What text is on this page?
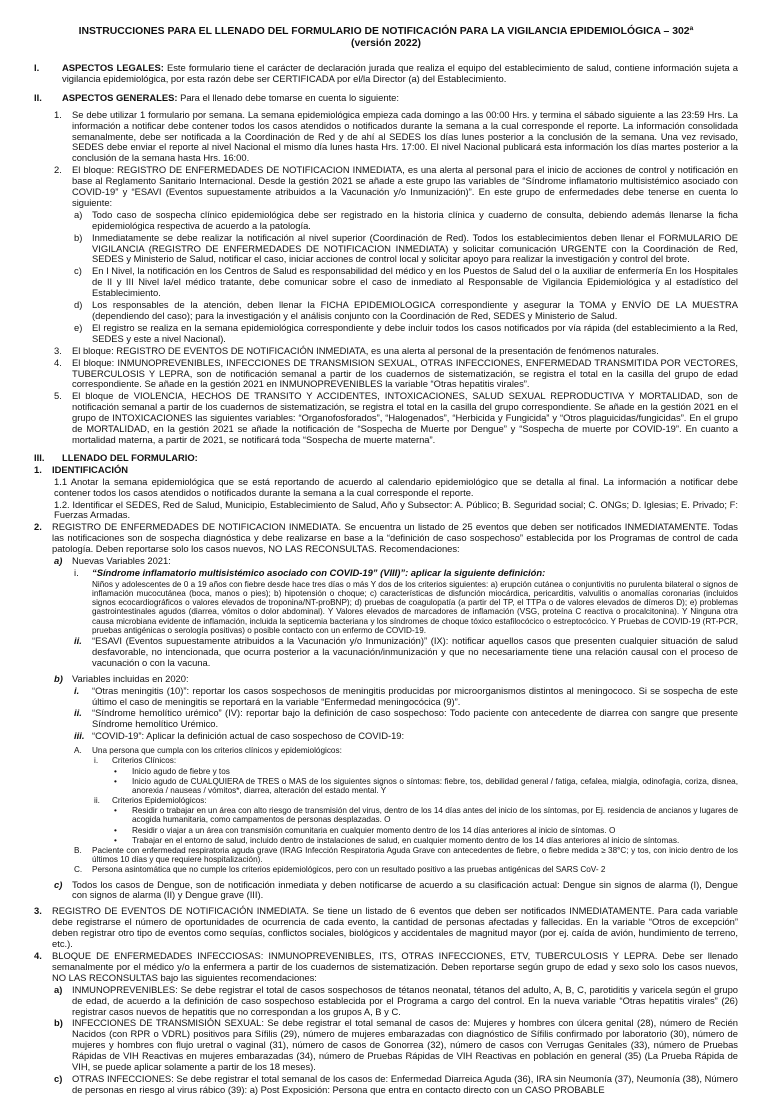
INSTRUCCIONES PARA EL LLENADO DEL FORMULARIO DE NOTIFICACIÓN PARA LA VIGILANCIA EPIDEMIOLÓGICA – 302ª
(versión 2022)
I.	ASPECTOS LEGALES: Este formulario tiene el carácter de declaración jurada que realiza el equipo del establecimiento de salud, contiene información sujeta a vigilancia epidemiológica, por esta razón debe ser CERTIFICADA por el/la Director (a) del Establecimiento.
II.	ASPECTOS GENERALES: Para el llenado debe tomarse en cuenta lo siguiente:
1.	Se debe utilizar 1 formulario por semana. La semana epidemiológica empieza cada domingo a las 00:00 Hrs. y termina el sábado siguiente a las 23:59 Hrs. La información a notificar debe contener todos los casos atendidos o notificados durante la semana a la cual corresponde el reporte. La información consolidada semanalmente, debe ser notificada a la Coordinación de Red y de ahí al SEDES los días lunes posterior a la conclusión de la semana. Una vez revisado, SEDES debe enviar el reporte al nivel Nacional el mismo día lunes hasta Hrs. 17:00. El nivel Nacional publicará esta información los días martes posterior a la conclusión de la semana hasta Hrs. 16:00.
2.	El bloque: REGISTRO DE ENFERMEDADES DE NOTIFICACION INMEDIATA, es una alerta al personal para el inicio de acciones de control y notificación en base al Reglamento Sanitario Internacional. Desde la gestión 2021 se añade a este grupo las variables de “Síndrome inflamatorio multisistémico asociado con COVID-19” y “ESAVI (Eventos supuestamente atribuidos a la Vacunación y/o Inmunización)”. En este grupo de enfermedades debe tenerse en cuenta lo siguiente:
a)	Todo caso de sospecha clínico epidemiológica debe ser registrado en la historia clínica y cuaderno de consulta, debiendo además llenarse la ficha epidemiológica respectiva de acuerdo a la patología.
b)	Inmediatamente se debe realizar la notificación al nivel superior (Coordinación de Red). Todos los establecimientos deben llenar el FORMULARIO DE VIGILANCIA (REGISTRO DE ENFERMEDADES DE NOTIFICACION INMEDIATA) y solicitar comunicación URGENTE con la Coordinación de Red, SEDES y Ministerio de Salud, notificar el caso, iniciar acciones de control local y solicitar apoyo para realizar la investigación y control del brote.
c)	En I Nivel, la notificación en los Centros de Salud es responsabilidad del médico y en los Puestos de Salud del o la auxiliar de enfermería En los Hospitales de II y III Nivel la/el médico tratante, debe comunicar sobre el caso de inmediato al Responsable de Vigilancia Epidemiológica y al estadístico del Establecimiento.
d)	Los responsables de la atención, deben llenar la FICHA EPIDEMIOLOGICA correspondiente y asegurar la TOMA y ENVÍO DE LA MUESTRA (dependiendo del caso); para la investigación y el análisis conjunto con la Coordinación de Red, SEDES y Ministerio de Salud.
e)	El registro se realiza en la semana epidemiológica correspondiente y debe incluir todos los casos notificados por vía rápida (del establecimiento a la Red, SEDES y este a nivel Nacional).
3.	El bloque: REGISTRO DE EVENTOS DE NOTIFICACIÓN INMEDIATA, es una alerta al personal de la presentación de fenómenos naturales.
4.	El bloque: INMUNOPREVENIBLES, INFECCIONES DE TRANSMISION SEXUAL, OTRAS INFECCIONES, ENFERMEDAD TRANSMITIDA POR VECTORES, TUBERCULOSIS Y LEPRA, son de notificación semanal a partir de los cuadernos de sistematización, se registra el total en la casilla del grupo de edad correspondiente. Se añade en la gestión 2021 en INMUNOPREVENIBLES la variable “Otras hepatitis virales”.
5.	El bloque de VIOLENCIA, HECHOS DE TRANSITO Y ACCIDENTES, INTOXICACIONES, SALUD SEXUAL REPRODUCTIVA Y MORTALIDAD, son de notificación semanal a partir de los cuadernos de sistematización, se registra el total en la casilla del grupo correspondiente. Se añade en la gestión 2021 en el grupo de INTOXICACIONES las siguientes variables: “Organofosforados”, “Halogenados”, “Herbicida y Fungicida” y “Otros plaguicidas/fungicidas”. En el grupo de MORTALIDAD, en la gestión 2021 se añade la notificación de “Sospecha de Muerte por Dengue” y “Sospecha de muerte por COVID-19”. En cuanto a mortalidad materna, a partir de 2021, se notificará toda “Sospecha de muerte materna”.
III.	LLENADO DEL FORMULARIO:
1.	IDENTIFICACIÓN
1.1 Anotar la semana epidemiológica que se está reportando de acuerdo al calendario epidemiológico que se detalla al final. La información a notificar debe contener todos los casos atendidos o notificados durante la semana a la cual corresponde el reporte.
1.2. Identificar el SEDES, Red de Salud, Municipio, Establecimiento de Salud, Año y Subsector: A. Público; B. Seguridad social; C. ONGs; D. Iglesias; E. Privado; F: Fuerzas Armadas.
2.	REGISTRO DE ENFERMEDADES DE NOTIFICACION INMEDIATA. Se encuentra un listado de 25 eventos que deben ser notificados INMEDIATAMENTE. Todas las notificaciones son de sospecha diagnóstica y debe realizarse en base a la “definición de caso sospechoso” establecida por los Programas de control de cada patología. Deben reportarse solo los casos nuevos, NO LAS RECONSULTAS. Recomendaciones:
a)	Nuevas Variables 2021:
i.	“Síndrome inflamatorio multisistémico asociado con COVID-19” (VIII)”: aplicar la siguiente definición:
Niños y adolescentes de 0 a 19 años con fiebre desde hace tres días o más Y dos de los criterios siguientes: a) erupción cutánea o conjuntivitis no purulenta bilateral o signos de inflamación mucocutánea (boca, manos o pies); b) hipotensión o choque; c) características de disfunción miocárdica, pericarditis, valvulitis o anomalías coronarias (incluidos signos ecocardiográficos o valores elevados de troponina/NT-proBNP); d) pruebas de coagulopatía (a partir del TP, el TTPa o de valores elevados de dímeros D); e) problemas gastrointestinales agudos (diarrea, vómitos o dolor abdominal). Y Valores elevados de marcadores de inflamación (VSG, proteína C reactiva o procalcitonina). Y Ninguna otra causa microbiana evidente de inflamación, incluida la septicemia bacteriana y los síndromes de choque tóxico estafilocócico o estreptocócico. Y Pruebas de COVID-19 (RT-PCR, pruebas antigénicas o serología positivas) o posible contacto con un enfermo de COVID-19.
ii.	“ESAVI (Eventos supuestamente atribuidos a la Vacunación y/o Inmunización)” (IX): notificar aquellos casos que presenten cualquier situación de salud desfavorable, no intencionada, que ocurra posterior a la vacunación/inmunización y que no necesariamente tiene una relación causal con el proceso de vacunación o con la vacuna.
b) Variables incluidas en 2020:
i.	“Otras meningitis (10)”: reportar los casos sospechosos de meningitis producidas por microorganismos distintos al meningococo. Si se sospecha de este último el caso de meningitis se reportará en la variable “Enfermedad meningocócica (9)”.
ii.	“Síndrome hemolítico urémico” (IV): reportar bajo la definición de caso sospechoso: Todo paciente con antecedente de diarrea con sangre que presente Síndrome hemolítico Urémico.
iii. “COVID-19”: Aplicar la definición actual de caso sospechoso de COVID-19:
A.	Una persona que cumpla con los criterios clínicos y epidemiológicos:
i.	Criterios Clínicos:
•	Inicio agudo de fiebre y tos
•	Inicio agudo de CUALQUIERA de TRES o MAS de los siguientes signos o síntomas: fiebre, tos, debilidad general / fatiga, cefalea, mialgia, odinofagia, coriza, disnea, anorexia / nauseas / vómitos*, diarrea, alteración del estado mental. Y
ii.	Criterios Epidemiológicos:
•	Residir o trabajar en un área con alto riesgo de transmisión del virus, dentro de los 14 días antes del inicio de los síntomas, por Ej. residencia de ancianos y lugares de acogida humanitaria, como campamentos de personas desplazadas. O
•	Residir o viajar a un área con transmisión comunitaria en cualquier momento dentro de los 14 días anteriores al inicio de síntomas. O
•	Trabajar en el entorno de salud, incluido dentro de instalaciones de salud, en cualquier momento dentro de los 14 días anteriores al inicio de síntomas.
B.	Paciente con enfermedad respiratoria aguda grave (IRAG Infección Respiratoria Aguda Grave con antecedentes de fiebre, o fiebre medida ≥ 38°C; y tos, con inicio dentro de los últimos 10 días y que requiere hospitalización).
C.	Persona asintomática que no cumple los criterios epidemiológicos, pero con un resultado positivo a las pruebas antigénicas del SARS CoV- 2
c)	Todos los casos de Dengue, son de notificación inmediata y deben notificarse de acuerdo a su clasificación actual: Dengue sin signos de alarma (I), Dengue con signos de alarma (II) y Dengue grave (III).
3.	REGISTRO DE EVENTOS DE NOTIFICACIÓN INMEDIATA. Se tiene un listado de 6 eventos que deben ser notificados INMEDIATAMENTE. Para cada variable debe registrarse el número de oportunidades de ocurrencia de cada evento, la cantidad de personas afectadas y fallecidas. En la variable “Otros de excepción” deben registrar otro tipo de eventos como sequías, conflictos sociales, biológicos y accidentales de magnitud mayor (por ej. caída de avión, hundimiento de terreno, etc.).
4.	BLOQUE DE ENFERMEDADES INFECCIOSAS: INMUNOPREVENIBLES, ITS, OTRAS INFECCIONES, ETV, TUBERCULOSIS Y LEPRA. Debe ser llenado semanalmente por el médico y/o la enfermera a partir de los cuadernos de sistematización. Deben reportarse según grupo de edad y sexo solo los casos nuevos, NO LAS RECONSULTAS bajo las siguientes recomendaciones:
a)	INMUNOPREVENIBLES: Se debe registrar el total de casos sospechosos de tétanos neonatal, tétanos del adulto, A, B, C, parotiditis y varicela según el grupo de edad, de acuerdo a la definición de caso sospechoso establecida por el Programa a cargo del control. En la nueva variable “Otras hepatitis virales” (26) registrar casos nuevos de hepatitis que no correspondan a los grupos A, B y C.
b) INFECCIONES DE TRANSMISIÓN SEXUAL: Se debe registrar el total semanal de casos de: Mujeres y hombres con úlcera genital (28), número de Recién Nacidos (con RPR o VDRL) positivos para Sífilis (29), número de mujeres embarazadas con diagnóstico de Sífilis confirmado por laboratorio (30), número de mujeres y hombres con flujo uretral o vaginal (31), número de casos de Gonorrea (32), número de casos con Verrugas Genitales (33), número de Pruebas Rápidas de VIH Reactivas en mujeres embarazadas (34), número de Pruebas Rápidas de VIH Reactivas en población en general (35) (La Prueba Rápida de VIH, se puede aplicar solamente a partir de los 18 meses).
c)	OTRAS INFECCIONES: Se debe registrar el total semanal de los casos de: Enfermedad Diarreica Aguda (36), IRA sin Neumonía (37), Neumonía (38), Número de personas en riesgo al virus rábico (39): a) Post Exposición: Persona que entra en contacto directo con un CASO PROBABLE
